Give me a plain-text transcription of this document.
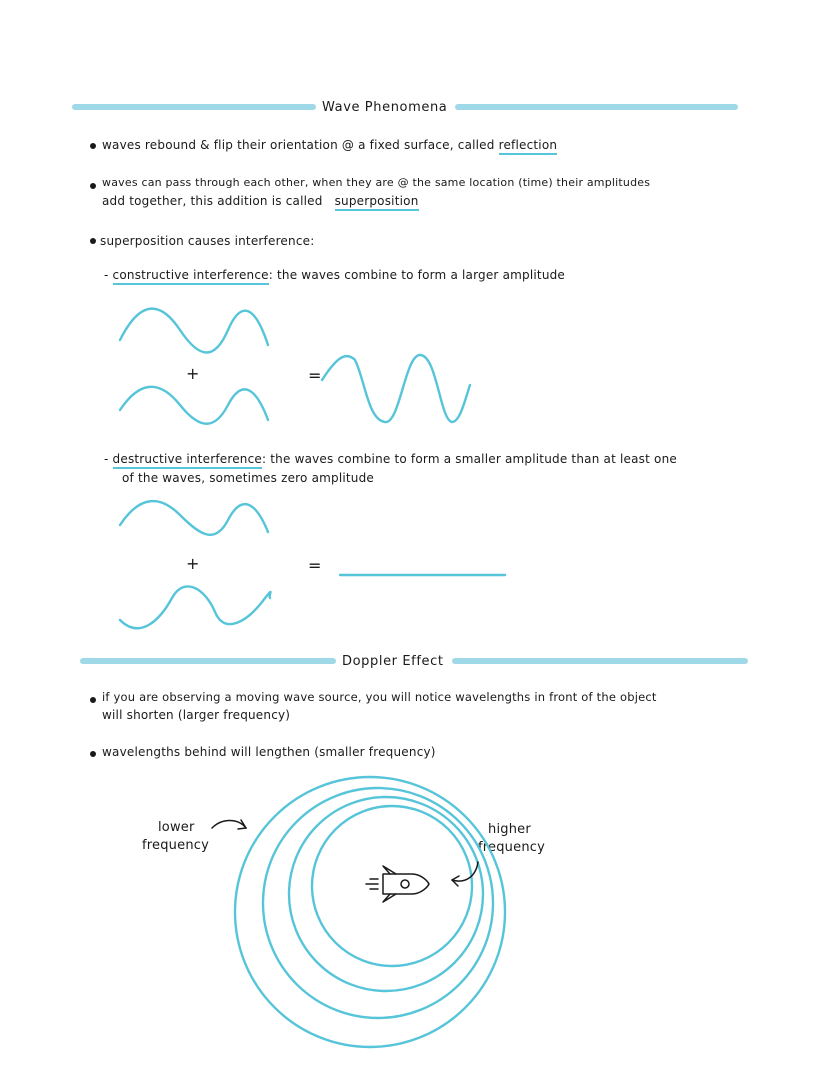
Wave Phenomena
waves rebound & flip their orientation @ a fixed surface, called reflection
waves can pass through each other, when they are @ the same location (time) their amplitudes
add together, this addition is called superposition
superposition causes interference:
- constructive interference: the waves combine to form a larger amplitude
+	=
- destructive interference: the waves combine to form a smaller amplitude than at least one
of the waves, sometimes zero amplitude
+	=
Doppler Effect
if you are observing a moving wave source, you will notice wavelengths in front of the object
will shorten (larger frequency)
wavelengths behind will lengthen (smaller frequency)
lower
frequency
higher
frequency
